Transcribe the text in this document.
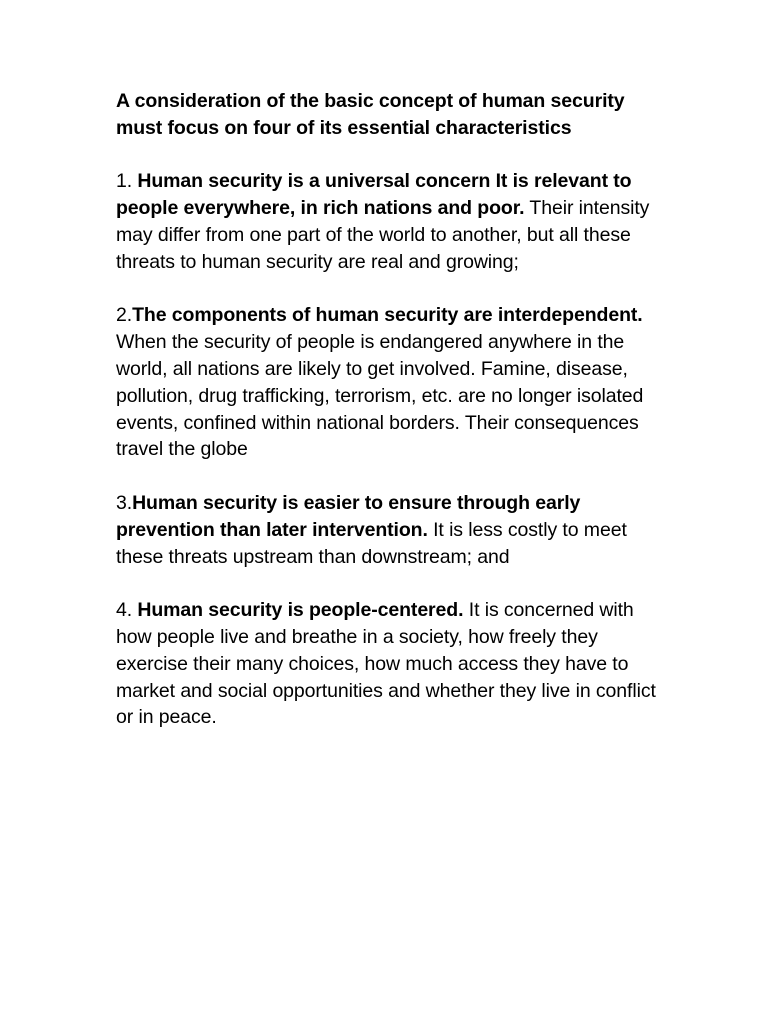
A consideration of the basic concept of human security must focus on four of its essential characteristics

1. Human security is a universal concern It is relevant to people everywhere, in rich nations and poor. Their intensity may differ from one part of the world to another, but all these threats to human security are real and growing;

2.The components of human security are interdependent. When the security of people is endangered anywhere in the world, all nations are likely to get involved. Famine, disease, pollution, drug trafficking, terrorism, etc. are no longer isolated events, confined within national borders. Their consequences travel the globe

3.Human security is easier to ensure through early prevention than later intervention. It is less costly to meet these threats upstream than downstream; and

4. Human security is people-centered. It is concerned with how people live and breathe in a society, how freely they exercise their many choices, how much access they have to market and social opportunities and whether they live in conflict or in peace.
